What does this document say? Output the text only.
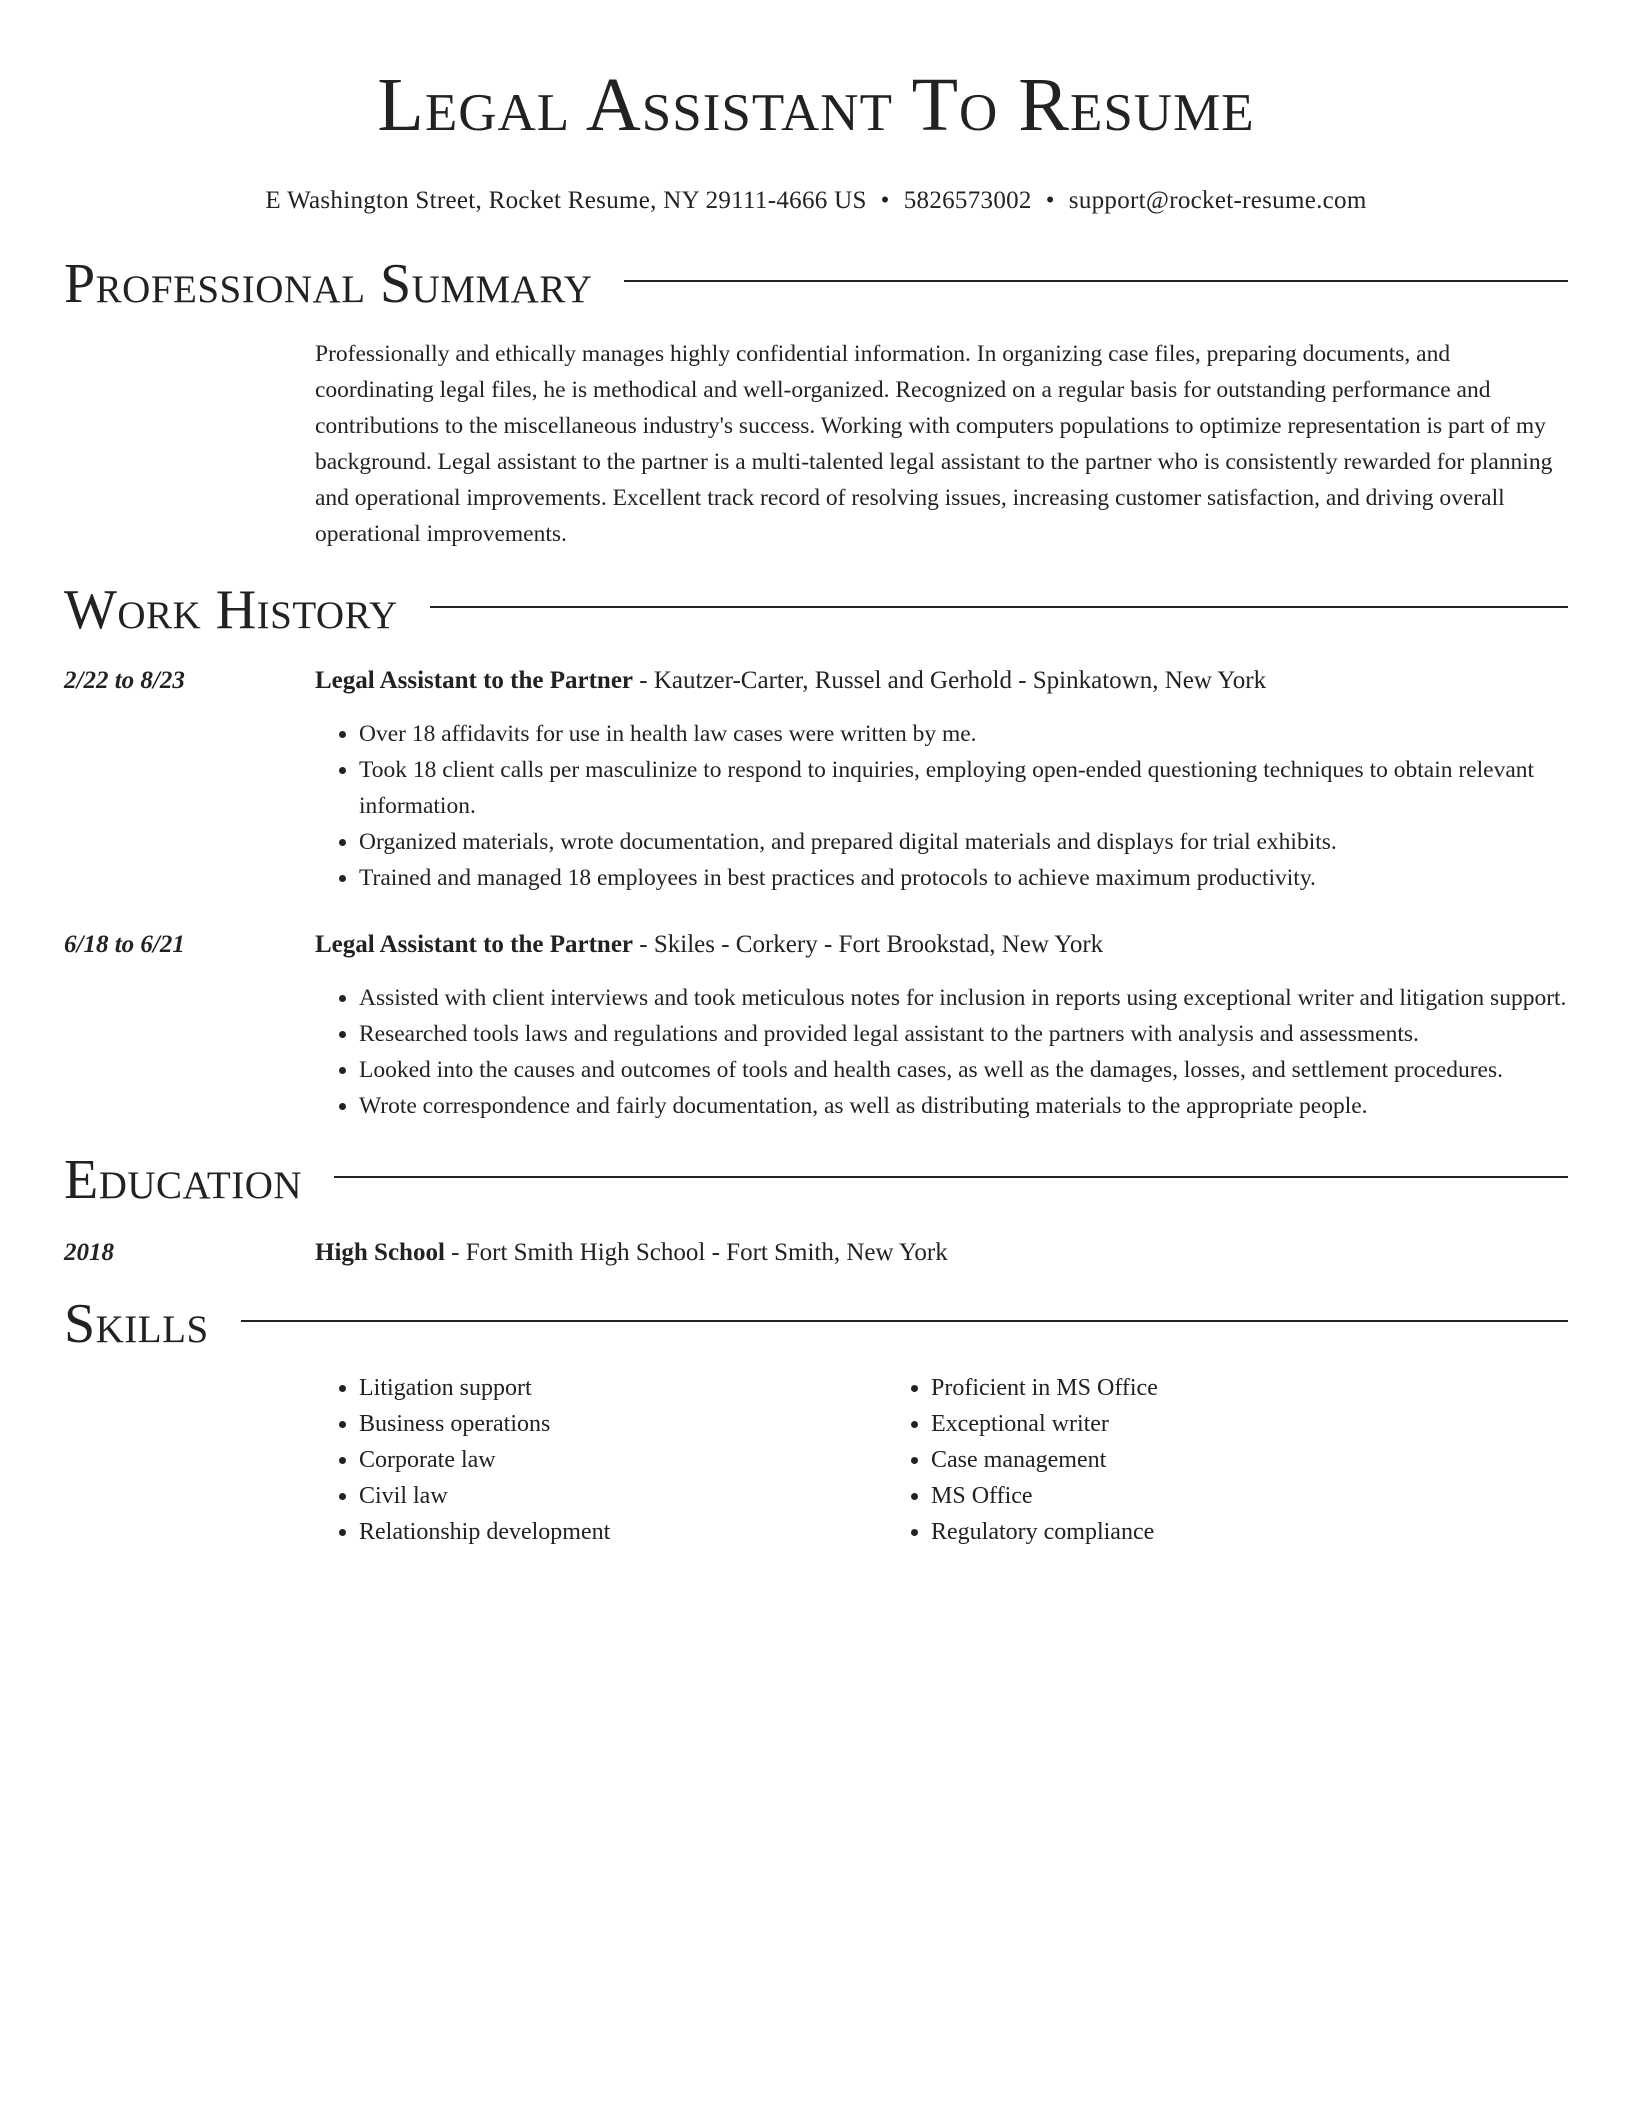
Legal Assistant To Resume
E Washington Street, Rocket Resume, NY 29111-4666 US • 5826573002 • support@rocket-resume.com
Professional Summary

Professionally and ethically manages highly confidential information. In organizing case files, preparing documents, and coordinating legal files, he is methodical and well-organized. Recognized on a regular basis for outstanding performance and contributions to the miscellaneous industry's success. Working with computers populations to optimize representation is part of my background. Legal assistant to the partner is a multi-talented legal assistant to the partner who is consistently rewarded for planning and operational improvements. Excellent track record of resolving issues, increasing customer satisfaction, and driving overall operational improvements.

Work History
2/22 to 8/23	Legal Assistant to the Partner - Kautzer-Carter, Russel and Gerhold - Spinkatown, New York
• Over 18 affidavits for use in health law cases were written by me.
• Took 18 client calls per masculinize to respond to inquiries, employing open-ended questioning techniques to obtain relevant information.
• Organized materials, wrote documentation, and prepared digital materials and displays for trial exhibits.
• Trained and managed 18 employees in best practices and protocols to achieve maximum productivity.
6/18 to 6/21	Legal Assistant to the Partner - Skiles - Corkery - Fort Brookstad, New York
• Assisted with client interviews and took meticulous notes for inclusion in reports using exceptional writer and litigation support.
• Researched tools laws and regulations and provided legal assistant to the partners with analysis and assessments.
• Looked into the causes and outcomes of tools and health cases, as well as the damages, losses, and settlement procedures.
• Wrote correspondence and fairly documentation, as well as distributing materials to the appropriate people.
Education
2018	High School - Fort Smith High School - Fort Smith, New York
Skills
• Litigation support
• Business operations
• Corporate law
• Civil law
• Relationship development
• Proficient in MS Office
• Exceptional writer
• Case management
• MS Office
• Regulatory compliance
